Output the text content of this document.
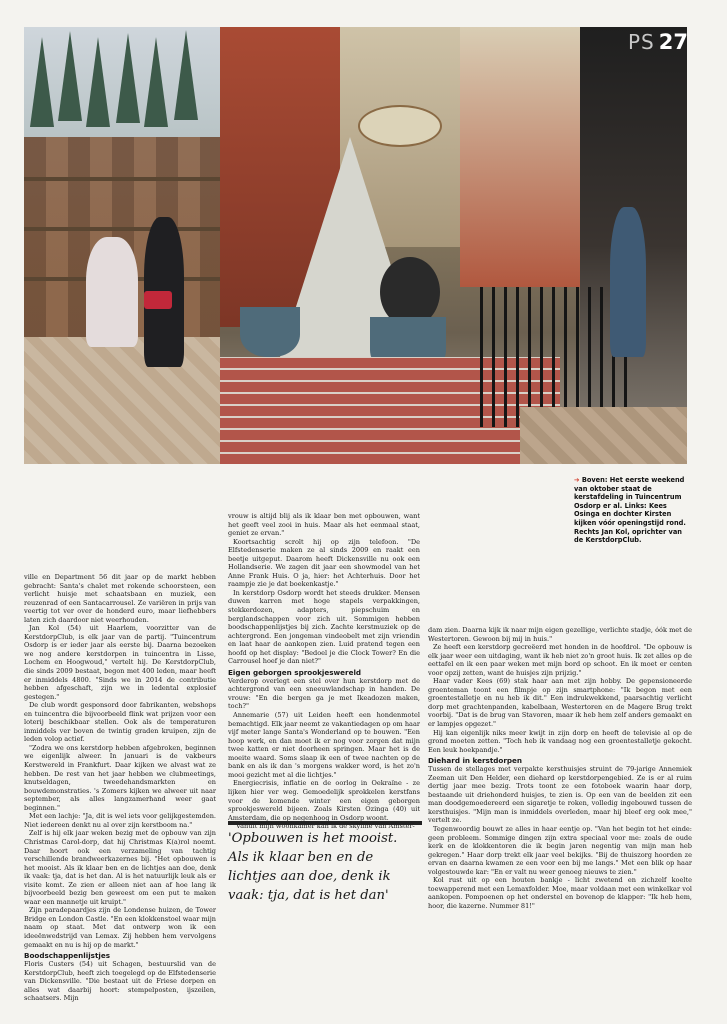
PS 27
➔ Boven: Het eerste weekend van oktober staat de kerstafdeling in Tuincentrum Osdorp er al. Links: Kees Osinga en dochter Kirsten kijken vóór openingstijd rond. Rechts Jan Kol, oprichter van de KerstdorpClub.

ville en Department 56 dit jaar op de markt hebben gebracht: Santa's chalet met rokende schoorsteen, een verlicht huisje met schaatsbaan en muziek, een reuzenrad of een Santacarrousel. Ze variëren in prijs van veertig tot ver over de honderd euro, maar liefhebbers laten zich daardoor niet weerhouden.

Jan Kol (54) uit Haarlem, voorzitter van de KerstdorpClub, is elk jaar van de partij. "Tuincentrum Osdorp is er ieder jaar als eerste bij. Daarna bezoeken we nog andere kerstdorpen in tuincentra in Lisse, Lochem en Hoogwoud," vertelt hij. De KerstdorpClub, die sinds 2009 bestaat, begon met 400 leden, maar heeft er inmiddels 4800. "Sinds we in 2014 de contributie hebben afgeschaft, zijn we in ledental explosief gestegen."

De club wordt gesponsord door fabrikanten, webshops en tuincentra die bijvoorbeeld flink wat prijzen voor een loterij beschikbaar stellen. Ook als de temperaturen inmiddels ver boven de twintig graden kruipen, zijn de leden volop actief.

"Zodra we ons kerstdorp hebben afgebroken, beginnen we eigenlijk alweer. In januari is de vakbeurs Kerstwereld in Frankfurt. Daar kijken we alvast wat ze hebben. De rest van het jaar hebben we clubmeetings, knutseldagen, tweedehandsmarkten en bouwdemonstraties. 's Zomers kijken we alweer uit naar september, als alles langzamerhand weer gaat beginnen."

Met een lachje: "Ja, dit is wel iets voor gelijkgestemden. Niet iedereen denkt nu al over zijn kerstboom na."

Zelf is hij elk jaar weken bezig met de opbouw van zijn Christmas Carol-dorp, dat hij Christmas K(a)rol noemt. Daar hoort ook een verzameling van tachtig verschillende brandweerkazernes bij. "Het opbouwen is het mooist. Als ik klaar ben en de lichtjes aan doe, denk ik vaak: tja, dat is het dan. Al is het natuurlijk leuk als er visite komt. Ze zien er alleen niet aan af hoe lang ik bijvoorbeeld bezig ben geweest om een put te maken waar een mannetje uit kruipt."

Zijn paradepaardjes zijn de Londense huizen, de Tower Bridge en London Castle. "En een klokkenstoel waar mijn naam op staat. Met dat ontwerp won ik een ideeënwedstrijd van Lemax. Zij hebben hem vervolgens gemaakt en nu is hij op de markt."

Boodschappenlijstjes

Floris Custers (54) uit Schagen, bestuurslid van de KerstdorpClub, heeft zich toegelegd op de Elfstedenserie van Dickensville. "Die bestaat uit de Friese dorpen en alles wat daarbij hoort: stempelposten, ijszeilen, schaatsers. Mijn

vrouw is altijd blij als ik klaar ben met opbouwen, want het geeft veel zooi in huis. Maar als het eenmaal staat, geniet ze ervan."

Koortsachtig scrolt hij op zijn telefoon. "De Elfstedenserie maken ze al sinds 2009 en raakt een beetje uitgeput. Daarom heeft Dickensville nu ook een Hollandserie. We zagen dit jaar een showmodel van het Anne Frank Huis. O ja, hier: het Achterhuis. Door het raampje zie je dat boekenkastje."

In kerstdorp Osdorp wordt het steeds drukker. Mensen duwen karren met hoge stapels verpakkingen, stekkerdozen, adapters, piepschuim en berglandschappen voor zich uit. Sommigen hebben boodschappenlijstjes bij zich. Zachte kerstmuziek op de achtergrond. Een jongeman vindeobelt met zijn vriendin en laat haar de aankopen zien. Luid pratend tegen een hoofd op het display: "Bedoel je die Clock Tower? En die Carrousel hoef je dan niet?"

Eigen geborgen sprookjeswereld

Verderop overlegt een stel over hun kerstdorp met de achtergrond van een sneeuwlandschap in handen. De vrouw: "En die bergen ga je met Ikeadozen maken, toch?"

Annemarie (57) uit Leiden heeft een hondenmotel bemachtigd. Elk jaar neemt ze vakantiedagen op om haar vijf meter lange Santa's Wonderland op te bouwen. "Een hoop werk, en dan moet ik er nog voor zorgen dat mijn twee katten er niet doorheen springen. Maar het is de moeite waard. Soms slaap ik een of twee nachten op de bank en als ik dan 's morgens wakker word, is het zo'n mooi gezicht met al die lichtjes."

Energiecrisis, inflatie en de oorlog in Oekraïne - ze lijken hier ver weg. Gemoedelijk sprokkelen kerstfans voor de komende winter een eigen geborgen sprookjeswereld bijeen. Zoals Kirsten Ozinga (40) uit Amsterdam, die op negenhoog in Osdorp woont.

"Vanuit mijn woonkamer kan ik de skyline van Amster-

'Opbouwen is het mooist. Als ik klaar ben en de lichtjes aan doe, denk ik vaak: tja, dat is het dan'

dam zien. Daarna kijk ik naar mijn eigen gezellige, verlichte stadje, óók met de Westertoren. Gewoon bij mij in huis."

Ze heeft een kerstdorp gecreëerd met honden in de hoofdrol. "De opbouw is elk jaar weer een uitdaging, want ik heb niet zo'n groot huis. Ik zet alles op de eettafel en ik een paar weken met mijn bord op schoot. En ik moet er centen voor opzij zetten, want de huisjes zijn prijzig."

Haar vader Kees (69) stak haar aan met zijn hobby. De gepensioneerde groenteman toont een filmpje op zijn smartphone: "Ik begon met een groentestalletje en nu heb ik dit." Een indrukwekkend, paarsachtig verlicht dorp met grachtenpanden, kabelbaan, Westertoren en de Magere Brug trekt voorbij. "Dat is de brug van Stavoren, maar ik heb hem zelf anders gemaakt en er lampjes opgezet."

Hij kan eigenlijk niks meer kwijt in zijn dorp en heeft de televisie al op de grond moeten zetten. "Toch heb ik vandaag nog een groentestalletje gekocht. Een leuk hoekpandje."

Diehard in kerstdorpen

Tussen de stellages met verpakte kersthuisjes struint de 79-jarige Annemiek Zeeman uit Den Helder, een diehard op kerstdorpengebied. Ze is er al ruim dertig jaar mee bezig. Trots toont ze een fotoboek waarin haar dorp, bestaande uit driehonderd huisjes, te zien is. Op een van de beelden zit een man doodgemoedereerd een sigaretje te roken, volledig ingebouwd tussen de kersthuisjes. "Mijn man is inmiddels overleden, maar hij bleef erg ook mee," vertelt ze.

Tegenwoordig bouwt ze alles in haar eentje op. "Van het begin tot het einde: geen probleem. Sommige dingen zijn extra speciaal voor me: zoals de oude kerk en de klokkentoren die ik begin jaren negentig van mijn man heb gekregen." Haar dorp trekt elk jaar veel bekijks. "Bij de thuiszorg hoorden ze ervan en daarna kwamen ze een voor een bij me langs." Met een blik op haar volgestouwde kar: "En er valt nu weer genoeg nieuws te zien."

Kol rust uit op een houten bankje - licht zwetend en zichzelf koelte toewapperend met een Lemaxfolder. Moe, maar voldaan met een winkelkar vol aankopen. Pompoenen op het onderstel en bovenop de klapper: "Ik heb hem, hoor, die kazerne. Nummer 81!"
